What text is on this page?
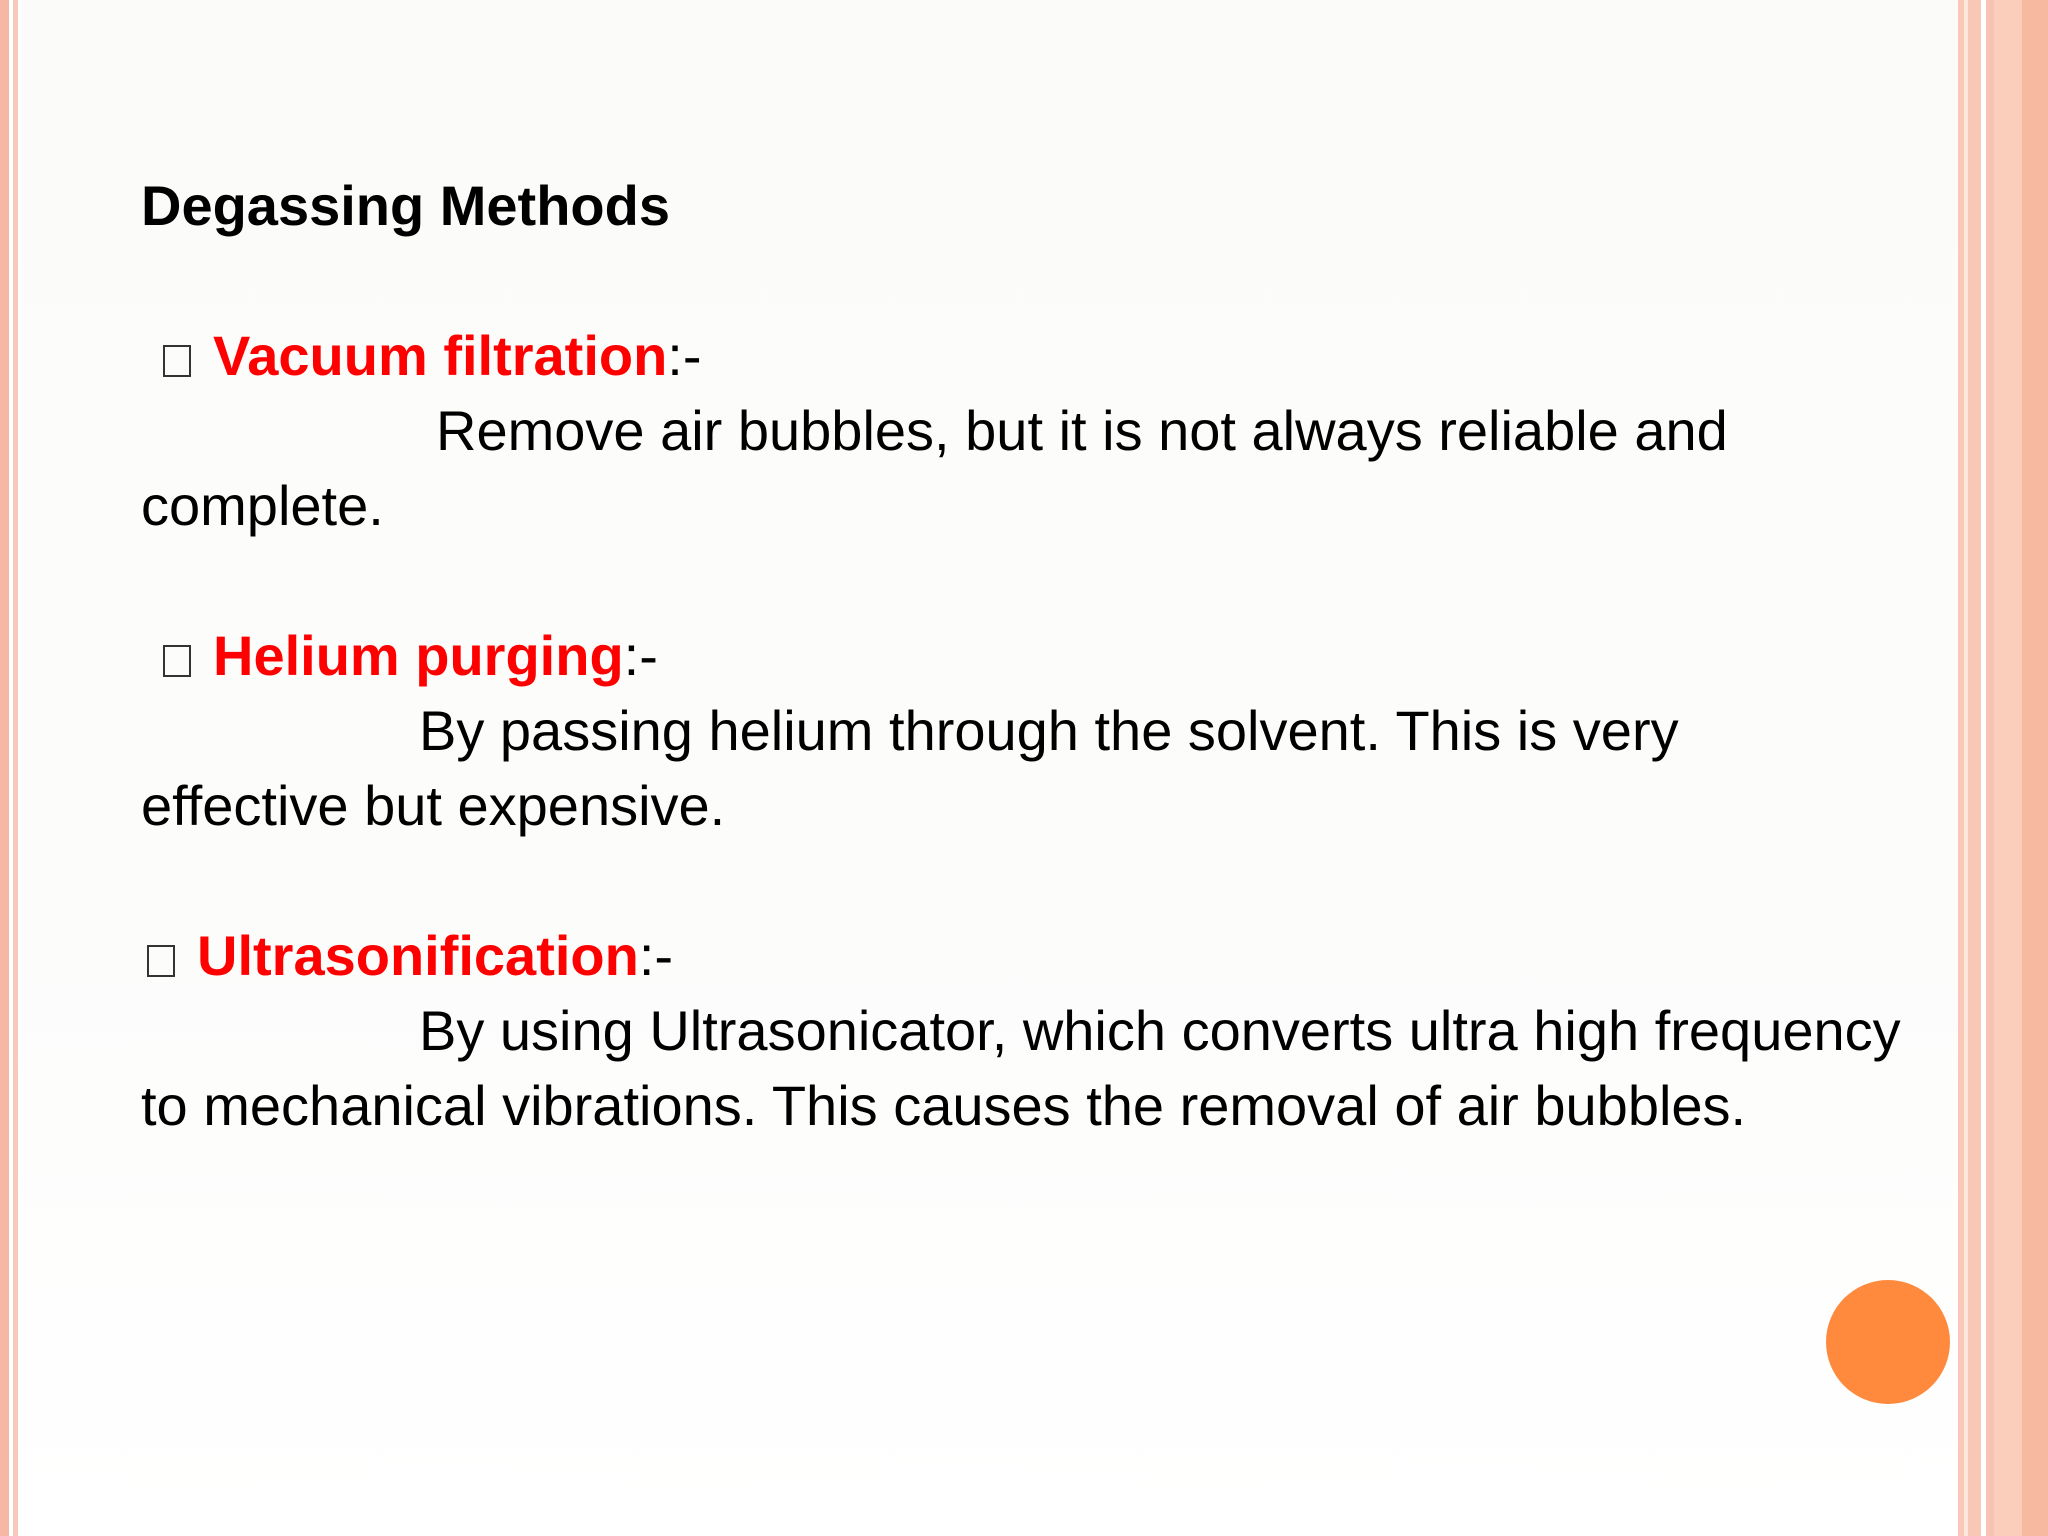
Degassing Methods

Vacuum filtration:-

Remove air bubbles, but it is not always reliable and complete.

Helium purging:-

By passing helium through the solvent. This is very effective but expensive.

Ultrasonification:-

By using Ultrasonicator, which converts ultra high frequency to mechanical vibrations. This causes the removal of air bubbles.
